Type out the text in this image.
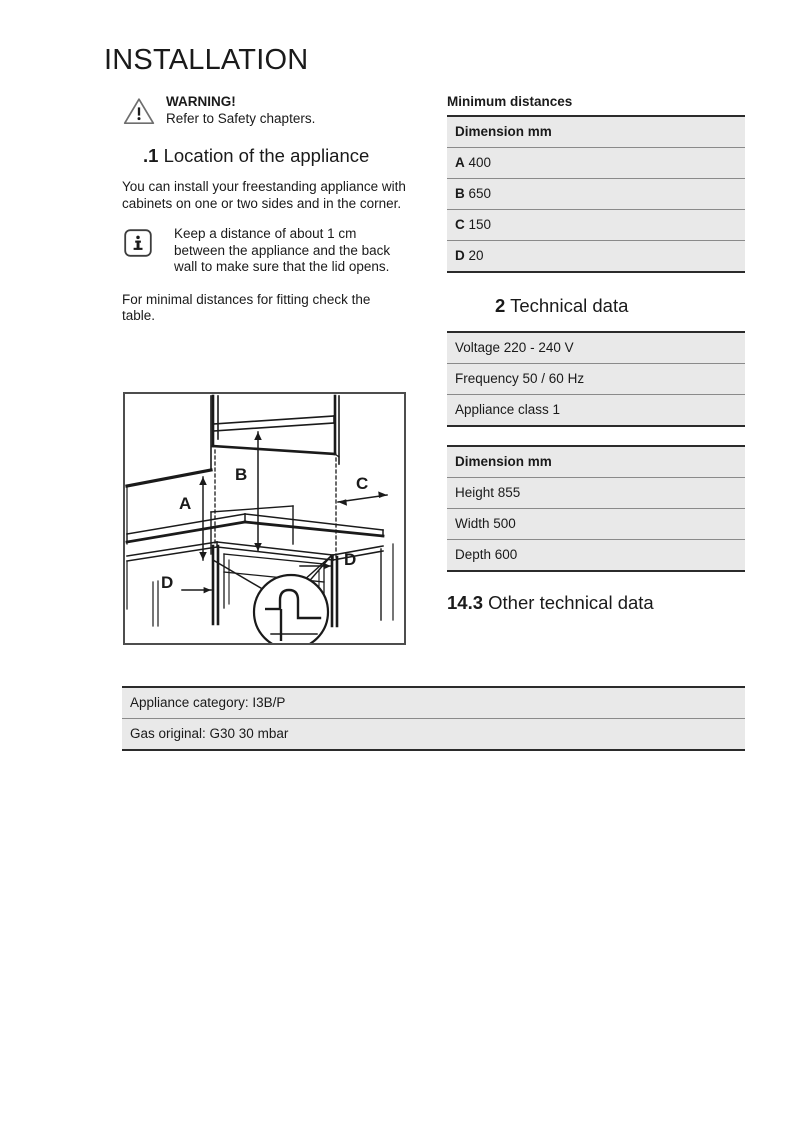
INSTALLATION
WARNING!
Refer to Safety chapters.
.1 Location of the appliance
You can install your freestanding appliance with cabinets on one or two sides and in the corner.
Keep a distance of about 1 cm between the appliance and the back wall to make sure that the lid opens.
For minimal distances for fitting check the table.
A
B	C
D
D
Minimum distances
Dimension mm
A 400
B 650
C 150
D 20
2 Technical data
Voltage 220 - 240 V
Frequency 50 / 60 Hz
Appliance class 1
Dimension mm
Height 855
Width 500
Depth 600
14.3 Other technical data
Appliance category: I3B/P
Gas original: G30 30 mbar
